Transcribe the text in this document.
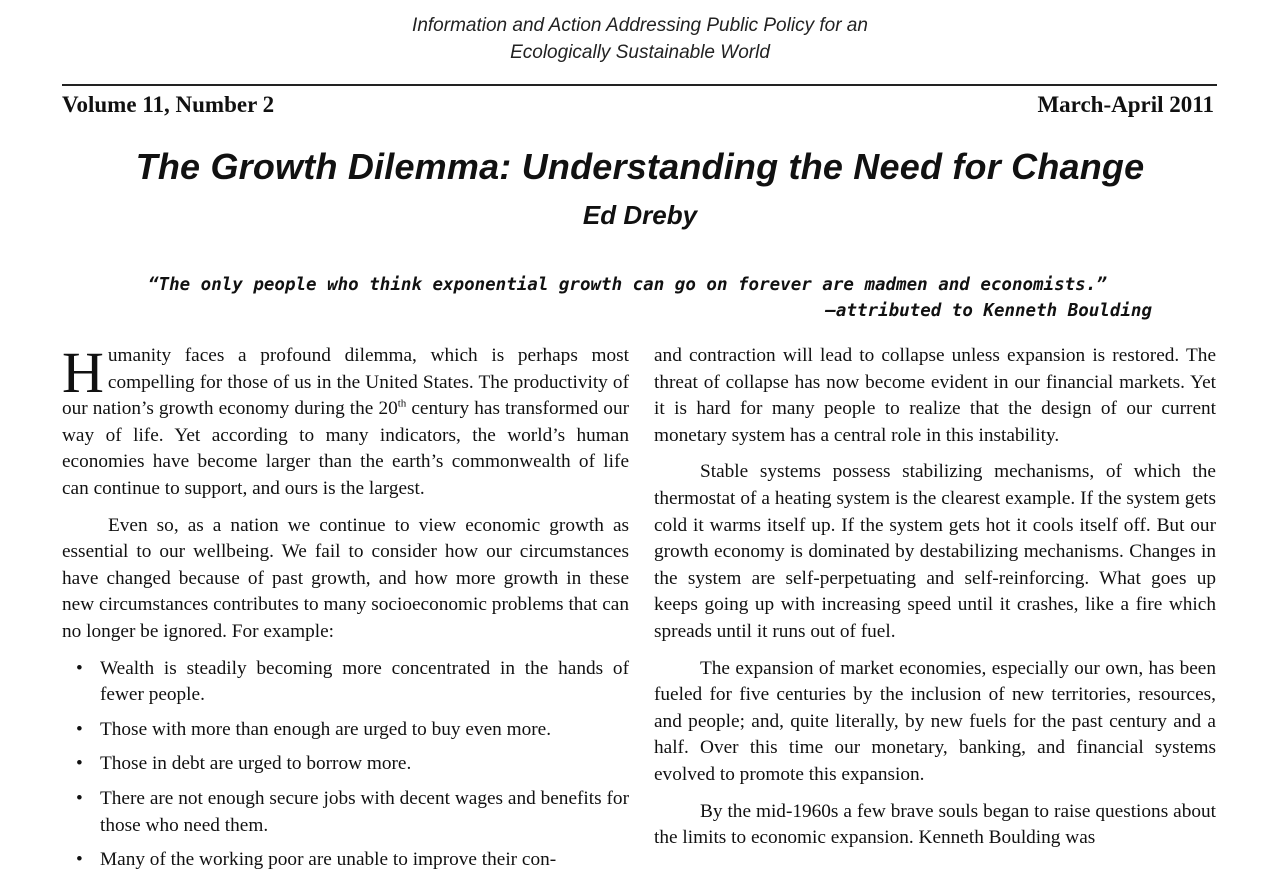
Information and Action Addressing Public Policy for an
Ecologically Sustainable World
Volume 11, Number 2	March-April 2011
The Growth Dilemma: Understanding the Need for Change
Ed Dreby
“The only people who think exponential growth can go on forever are madmen and economists.”
—attributed to Kenneth Boulding

Humanity faces a profound dilemma, which is perhaps most compelling for those of us in the United States. The productivity of our nation’s growth economy during the 20th century has transformed our way of life. Yet according to many indicators, the world’s human economies have become larger than the earth’s commonwealth of life can continue to support, and ours is the largest.

Even so, as a nation we continue to view economic growth as essential to our wellbeing. We fail to consider how our circumstances have changed because of past growth, and how more growth in these new circumstances contributes to many socioeconomic problems that can no longer be ignored. For example:

• Wealth is steadily becoming more concentrated in the hands of fewer people.
• Those with more than enough are urged to buy even more.
• Those in debt are urged to borrow more.
• There are not enough secure jobs with decent wages and benefits for those who need them.
• Many of the working poor are unable to improve their con-

and contraction will lead to collapse unless expansion is restored. The threat of collapse has now become evident in our financial markets. Yet it is hard for many people to realize that the design of our current monetary system has a central role in this instability.

Stable systems possess stabilizing mechanisms, of which the thermostat of a heating system is the clearest example. If the system gets cold it warms itself up. If the system gets hot it cools itself off. But our growth economy is dominated by destabilizing mechanisms. Changes in the system are self-perpetuating and self-reinforcing. What goes up keeps going up with increasing speed until it crashes, like a fire which spreads until it runs out of fuel.

The expansion of market economies, especially our own, has been fueled for five centuries by the inclusion of new territories, resources, and people; and, quite literally, by new fuels for the past century and a half. Over this time our monetary, banking, and financial systems evolved to promote this expansion.

By the mid-1960s a few brave souls began to raise questions about the limits to economic expansion. Kenneth Boulding was
